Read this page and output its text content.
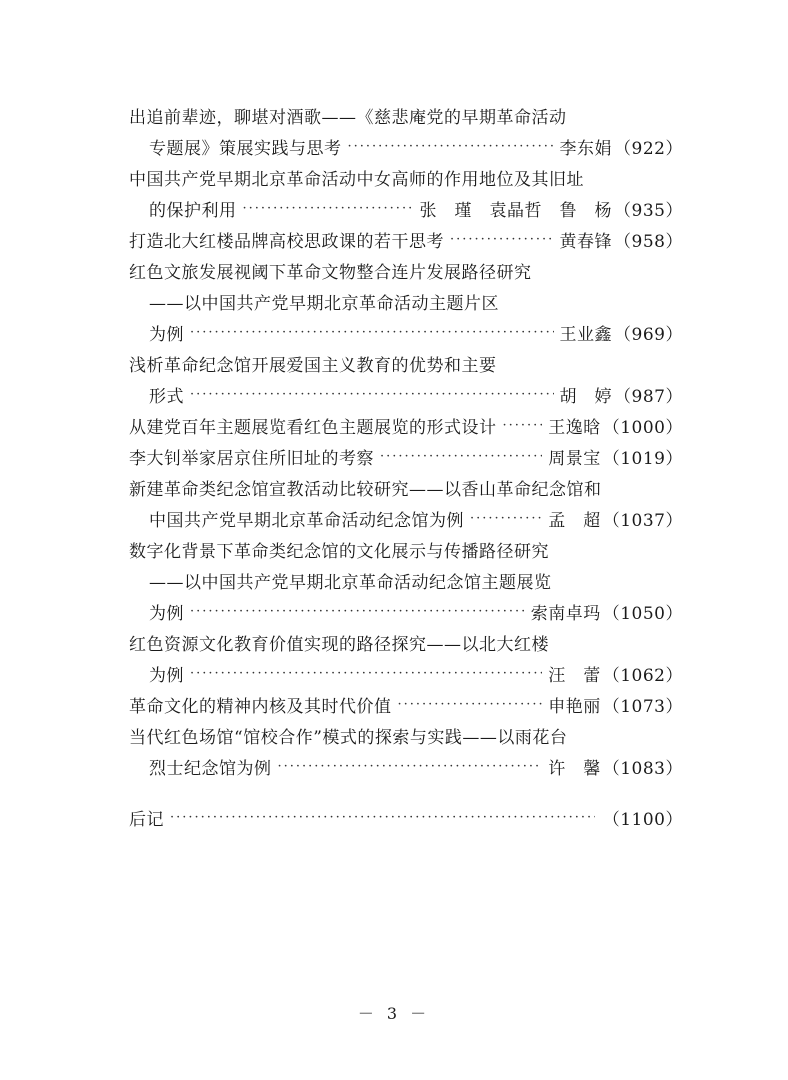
出追前辈迹，聊堪对酒歌——《慈悲庵党的早期革命活动
专题展》策展实践与思考 ·····	李东娟 （922）
中国共产党早期北京革命活动中女高师的作用地位及其旧址
的保护利用 ·····	张　瑾　袁晶哲　鲁　杨 （935）
打造北大红楼品牌高校思政课的若干思考 ·····	黄春锋 （958）
红色文旅发展视阈下革命文物整合连片发展路径研究
——以中国共产党早期北京革命活动主题片区
为例 ·····	王业鑫 （969）
浅析革命纪念馆开展爱国主义教育的优势和主要
形式 ·····	胡　婷 （987）
从建党百年主题展览看红色主题展览的形式设计 ·····	王逸晗 （1000）
李大钊举家居京住所旧址的考察 ·····	周景宝 （1019）
新建革命类纪念馆宣教活动比较研究——以香山革命纪念馆和
中国共产党早期北京革命活动纪念馆为例 ·····	孟　超 （1037）
数字化背景下革命类纪念馆的文化展示与传播路径研究
——以中国共产党早期北京革命活动纪念馆主题展览
为例 ·····	索南卓玛 （1050）
红色资源文化教育价值实现的路径探究——以北大红楼
为例 ·····	汪　蕾 （1062）
革命文化的精神内核及其时代价值 ·····	申艳丽 （1073）
当代红色场馆“馆校合作”模式的探索与实践——以雨花台
烈士纪念馆为例 ·····	许　馨 （1083）
后记 ·····	（1100）
－ 3 －
